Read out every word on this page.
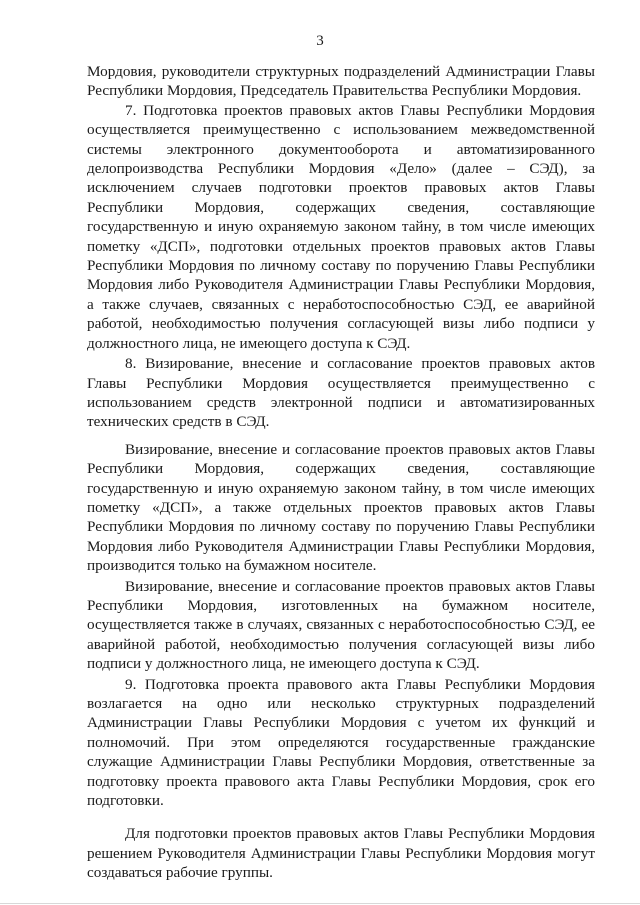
3

Мордовия, руководители структурных подразделений Администрации Главы Республики Мордовия, Председатель Правительства Республики Мордовия.

7. Подготовка проектов правовых актов Главы Республики Мордовия осуществляется преимущественно с использованием межведомственной системы электронного документооборота и автоматизированного делопроизводства Республики Мордовия «Дело» (далее – СЭД), за исключением случаев подготовки проектов правовых актов Главы Республики Мордовия, содержащих сведения, составляющие государственную и иную охраняемую законом тайну, в том числе имеющих пометку «ДСП», подготовки отдельных проектов правовых актов Главы Республики Мордовия по личному составу по поручению Главы Республики Мордовия либо Руководителя Администрации Главы Республики Мордовия, а также случаев, связанных с неработоспособностью СЭД, ее аварийной работой, необходимостью получения согласующей визы либо подписи у должностного лица, не имеющего доступа к СЭД.

8. Визирование, внесение и согласование проектов правовых актов Главы Республики Мордовия осуществляется преимущественно с использованием средств электронной подписи и автоматизированных технических средств в СЭД.

Визирование, внесение и согласование проектов правовых актов Главы Республики Мордовия, содержащих сведения, составляющие государственную и иную охраняемую законом тайну, в том числе имеющих пометку «ДСП», а также отдельных проектов правовых актов Главы Республики Мордовия по личному составу по поручению Главы Республики Мордовия либо Руководителя Администрации Главы Республики Мордовия, производится только на бумажном носителе.

Визирование, внесение и согласование проектов правовых актов Главы Республики Мордовия, изготовленных на бумажном носителе, осуществляется также в случаях, связанных с неработоспособностью СЭД, ее аварийной работой, необходимостью получения согласующей визы либо подписи у должностного лица, не имеющего доступа к СЭД.

9. Подготовка проекта правового акта Главы Республики Мордовия возлагается на одно или несколько структурных подразделений Администрации Главы Республики Мордовия с учетом их функций и полномочий. При этом определяются государственные гражданские служащие Администрации Главы Республики Мордовия, ответственные за подготовку проекта правового акта Главы Республики Мордовия, срок его подготовки.

Для подготовки проектов правовых актов Главы Республики Мордовия решением Руководителя Администрации Главы Республики Мордовия могут создаваться рабочие группы.
